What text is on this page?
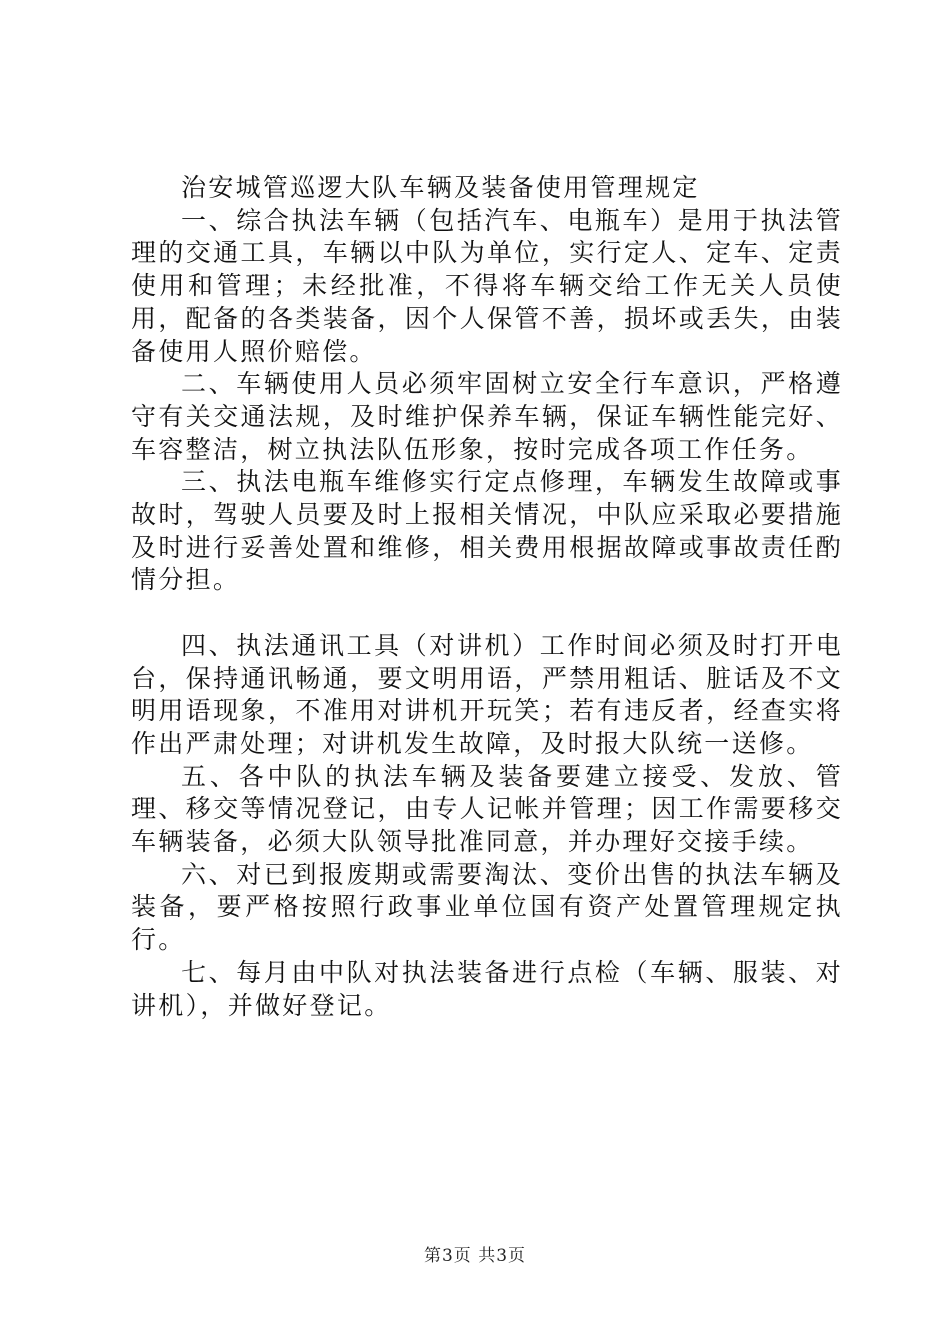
治安城管巡逻大队车辆及装备使用管理规定

一、综合执法车辆（包括汽车、电瓶车）是用于执法管理的交通工具，车辆以中队为单位，实行定人、定车、定责使用和管理；未经批准，不得将车辆交给工作无关人员使用，配备的各类装备，因个人保管不善，损坏或丢失，由装备使用人照价赔偿。

二、车辆使用人员必须牢固树立安全行车意识，严格遵守有关交通法规，及时维护保养车辆，保证车辆性能完好、车容整洁，树立执法队伍形象，按时完成各项工作任务。

三、执法电瓶车维修实行定点修理，车辆发生故障或事故时，驾驶人员要及时上报相关情况，中队应采取必要措施及时进行妥善处置和维修，相关费用根据故障或事故责任酌情分担。

四、执法通讯工具（对讲机）工作时间必须及时打开电台，保持通讯畅通，要文明用语，严禁用粗话、脏话及不文明用语现象，不准用对讲机开玩笑；若有违反者，经查实将作出严肃处理；对讲机发生故障，及时报大队统一送修。

五、各中队的执法车辆及装备要建立接受、发放、管理、移交等情况登记，由专人记帐并管理；因工作需要移交车辆装备，必须大队领导批准同意，并办理好交接手续。

六、对已到报废期或需要淘汰、变价出售的执法车辆及装备，要严格按照行政事业单位国有资产处置管理规定执行。

七、每月由中队对执法装备进行点检（车辆、服装、对讲机），并做好登记。

第3页 共3页
